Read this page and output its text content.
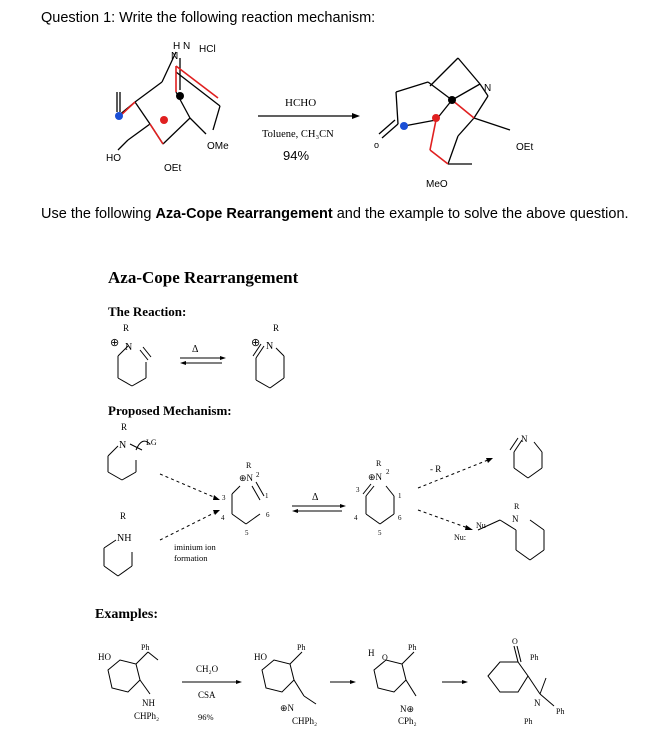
Question 1: Write the following reaction mechanism:
H N
N
HCl
HO
OMe
OEt
HCHO
Toluene, CH₃CN
94%
N
OEt
MeO
o
Use the following Aza-Cope Rearrangement and the example to solve the above question.
Aza-Cope Rearrangement
The Reaction:
Proposed Mechanism:
Examples:
R
N
⊕
Δ
R
N
⊕
R
N LG
R
NH
iminium ion
formation
R
⊕N 2
1
3
4
5
6
Δ
R
⊕N 2
3
4
5
6
1
- R
Nu:
N
Nu
R
N
HO
Ph
NH
CHPh₂
CH₂O
CSA
96%
HO
Ph
⊕N
CHPh₂
H O
Ph
N⊕
CPh₂
O
Ph
N
Ph
Ph
